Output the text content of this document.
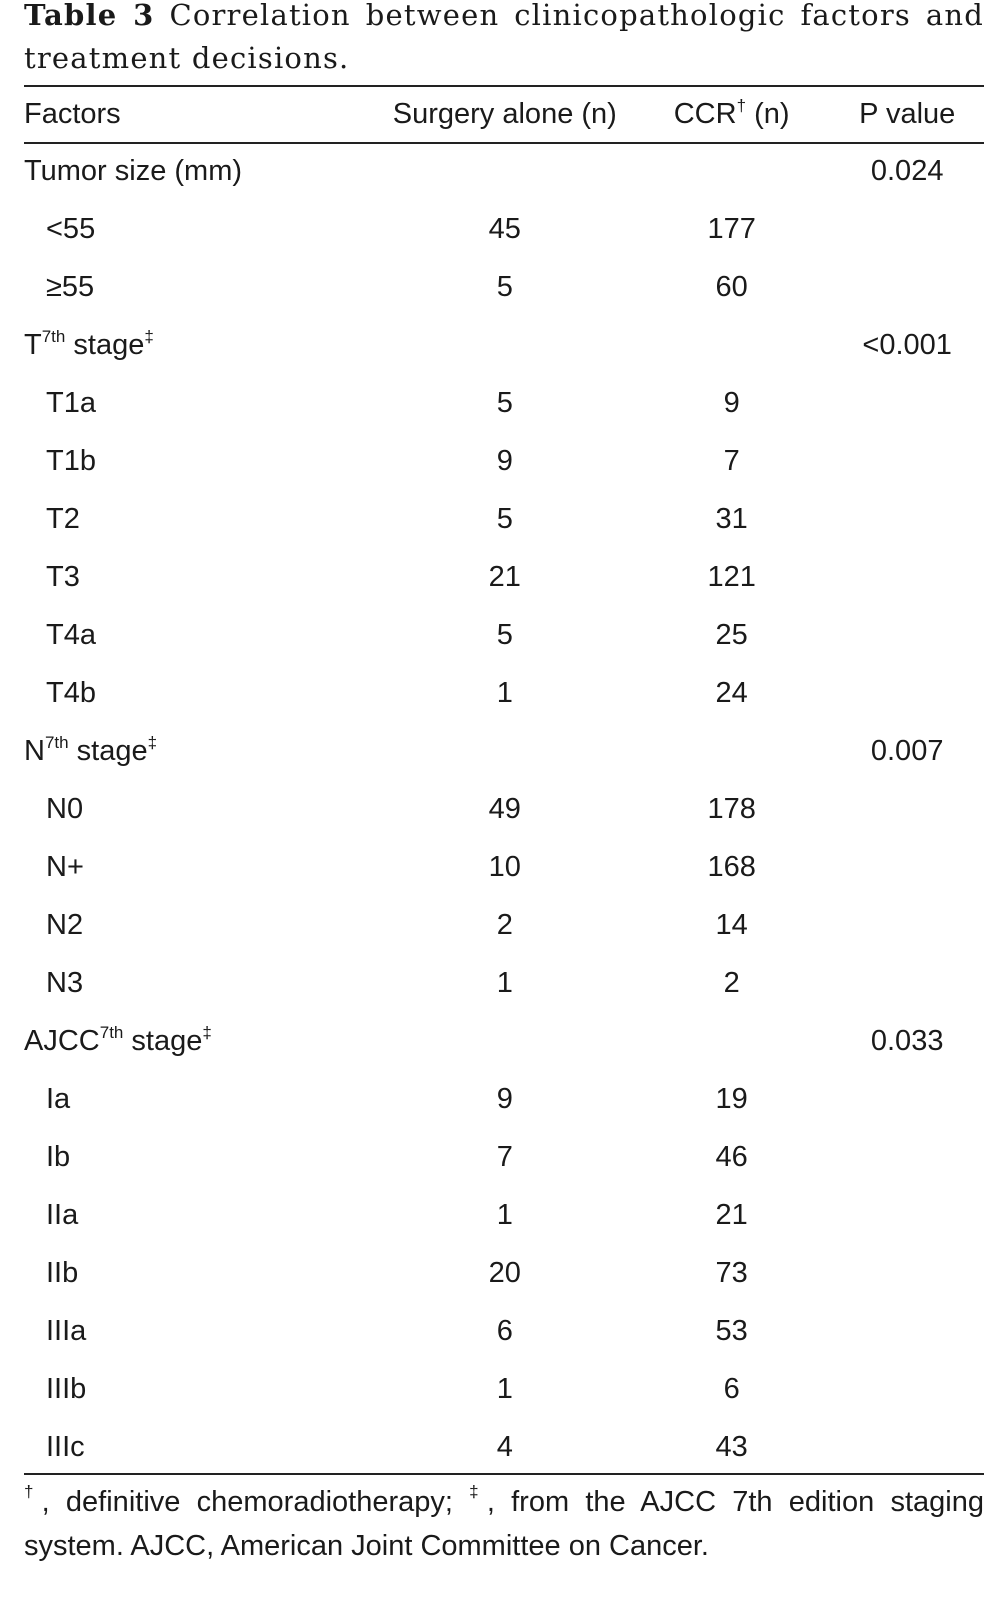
Table 3 Correlation between clinicopathologic factors and treatment decisions.
Factors	Surgery alone (n)	CCR† (n)	P value
Tumor size (mm)			0.024
<55	45	177	
≥55	5	60	
$T^{7th}$ stage‡			<0.001
T1a	5	9	
T1b	9	7	
T2	5	31	
T3	21	121	
T4a	5	25	
T4b	1	24	
$N^{7th}$ stage‡			0.007
N0	49	178	
N+	10	168	
N2	2	14	
N3	1	2	
$AJCC^{7th}$ stage‡			0.033
Ia	9	19	
Ib	7	46	
IIa	1	21	
IIb	20	73	
IIIa	6	53	
IIIb	1	6	
IIIc	4	43	
†, definitive chemoradiotherapy; ‡, from the AJCC 7th edition staging system. AJCC, American Joint Committee on Cancer.
